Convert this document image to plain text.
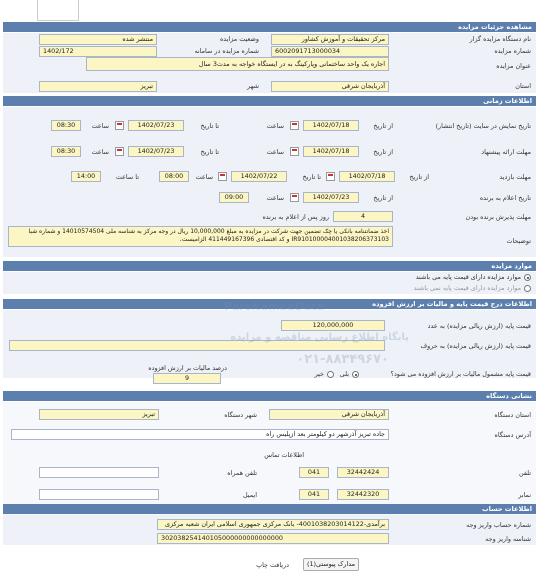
مشاهده جزئیات مزایده
نام دستگاه مزایده گزار
مرکز تحقیقات و آموزش کشاور
وضعیت مزایده
منتشر شده
شماره مزایده
6002091713000034
شماره مزایده در سامانه
1402/172
عنوان مزایده
اجاره یک واحد ساختمانی وپارکینگ به در ایستگاه خواجه به مدت3 سال
استان
آذربایجان شرقی
شهر
تبریز
اطلاعات زمانی
تاریخ نمایش در سایت (تاریخ انتشار)
از تاریخ
1402/07/18
ساعت
تا تاریخ
1402/07/23
ساعت
08:30
مهلت ارائه پیشنهاد
از تاریخ
1402/07/18
ساعت
تا تاریخ
1402/07/23
ساعت
08:30
مهلت بازدید
از تاریخ
1402/07/18
تا تاریخ
1402/07/22
ساعت
08:00
تا ساعت
14:00
تاریخ اعلام به برنده
از تاریخ
1402/07/23
ساعت
09:00
مهلت پذیرش برنده بودن
4
روز پس از اعلام به برنده
توضیحات
اخذ ضمانتنامه بانکی یا چک تضمین جهت شرکت در مزایده به مبلغ 10,000,000 ریال در وجه مرکز به شناسه ملی 14010574504 و شماره شبا IR910100004001038206373103 و کد اقتصادی 411449167396 الزامیست.
موارد مزایده
موارد مزایده دارای قیمت پایه می باشند
موارد مزایده دارای قیمت پایه نمی باشند
اطلاعات درج قیمت پایه و مالیات بر ارزش افزوده
قیمت پایه (ارزش ریالی مزایده) به عدد
120,000,000
قیمت پایه (ارزش ریالی مزایده) به حروف
قیمت پایه مشمول مالیات بر ارزش افزوده می شود؟
بلی
خیر
درصد مالیات بر ارزش افزوده
9
نشانی دستگاه
استان دستگاه
آذربایجان شرقی
شهر دستگاه
تبریز
آدرس دستگاه
جاده تبریز آذرشهر دو کیلومتر بعد ازپلیس راه
اطلاعات تماس
تلفن
32442424
041
تلفن همراه
نمابر
32442320
041
ایمیل
اطلاعات حساب
شماره حساب واریز وجه
برآمدی-4001038203014122- بانک مرکزی جمهوری اسلامی ایران شعبه مرکزی
شناسه واریز وجه
302038254140105000000000000000
مدارک پیوستی(1)
دریافت چاپ
ParsNamadData
پایگاه اطلاع رسانی مناقصه و مزایده
۰۲۱-۸۸۳۴۹۶۷۰
